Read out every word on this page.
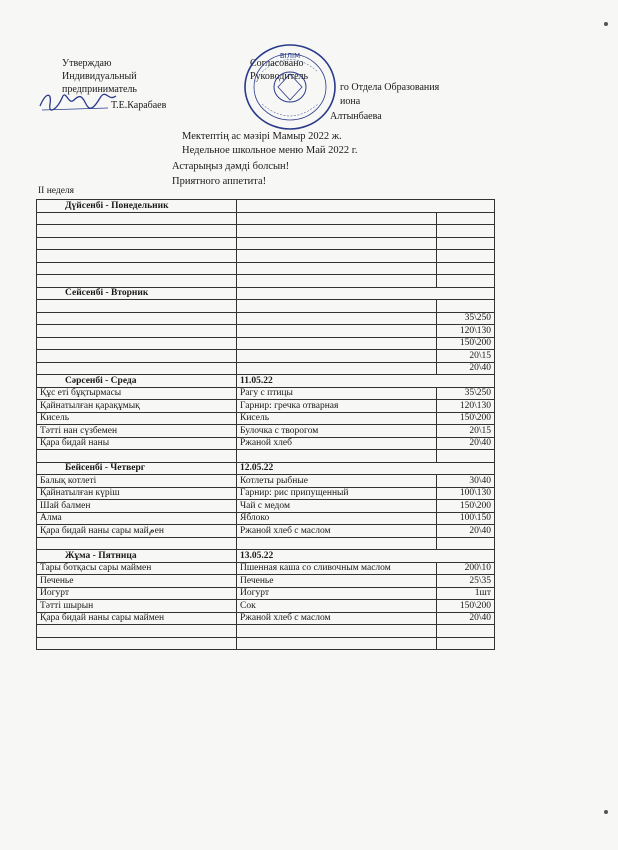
Утверждаю
Индивидуальный
предприниматель
Т.Е.Карабаев
Согласовано
Руководитель
го Отдела Образования
иона
Алтынбаева
БІЛІМ
Мектептің ас мәзірі Мамыр 2022 ж.
Недельное школьное меню Май 2022 г.
Астарыңыз дәмді болсын!
Приятного аппетита!
II неделя
Дүйсенбі - Понедельник		

Сейсенбі - Вторник		

		35\250
		120\130
		150\200
		20\15
		20\40
Сәрсенбі - Среда	11.05.22	
Құс еті бұқтырмасы	Рагу с птицы	35\250
Қайнатылған қарақұмық	Гарнир: гречка отварная	120\130
Кисель	Кисель	150\200
Тәтті нан сүзбемен	Булочка с творогом	20\15
Қара бидай наны	Ржаной хлеб	20\40

Бейсенбі - Четверг	12.05.22	
Балық котлеті	Котлеты рыбные	30\40
Қайнатылған күріш	Гарнир: рис припущенный	100\130
Шай балмен	Чай с медом	150\200
Алма	Яблоко	100\150
Қара бидай наны сары майمен	Ржаной хлеб с маслом	20\40

Жұма - Пятница	13.05.22	
Тары ботқасы сары маймен	Пшенная каша со сливочным маслом	200\10
Печенье	Печенье	25\35
Иогурт	Иогурт	1шт
Тәтті шырын	Сок	150\200
Қара бидай наны сары маймен	Ржаной хлеб с маслом	20\40
